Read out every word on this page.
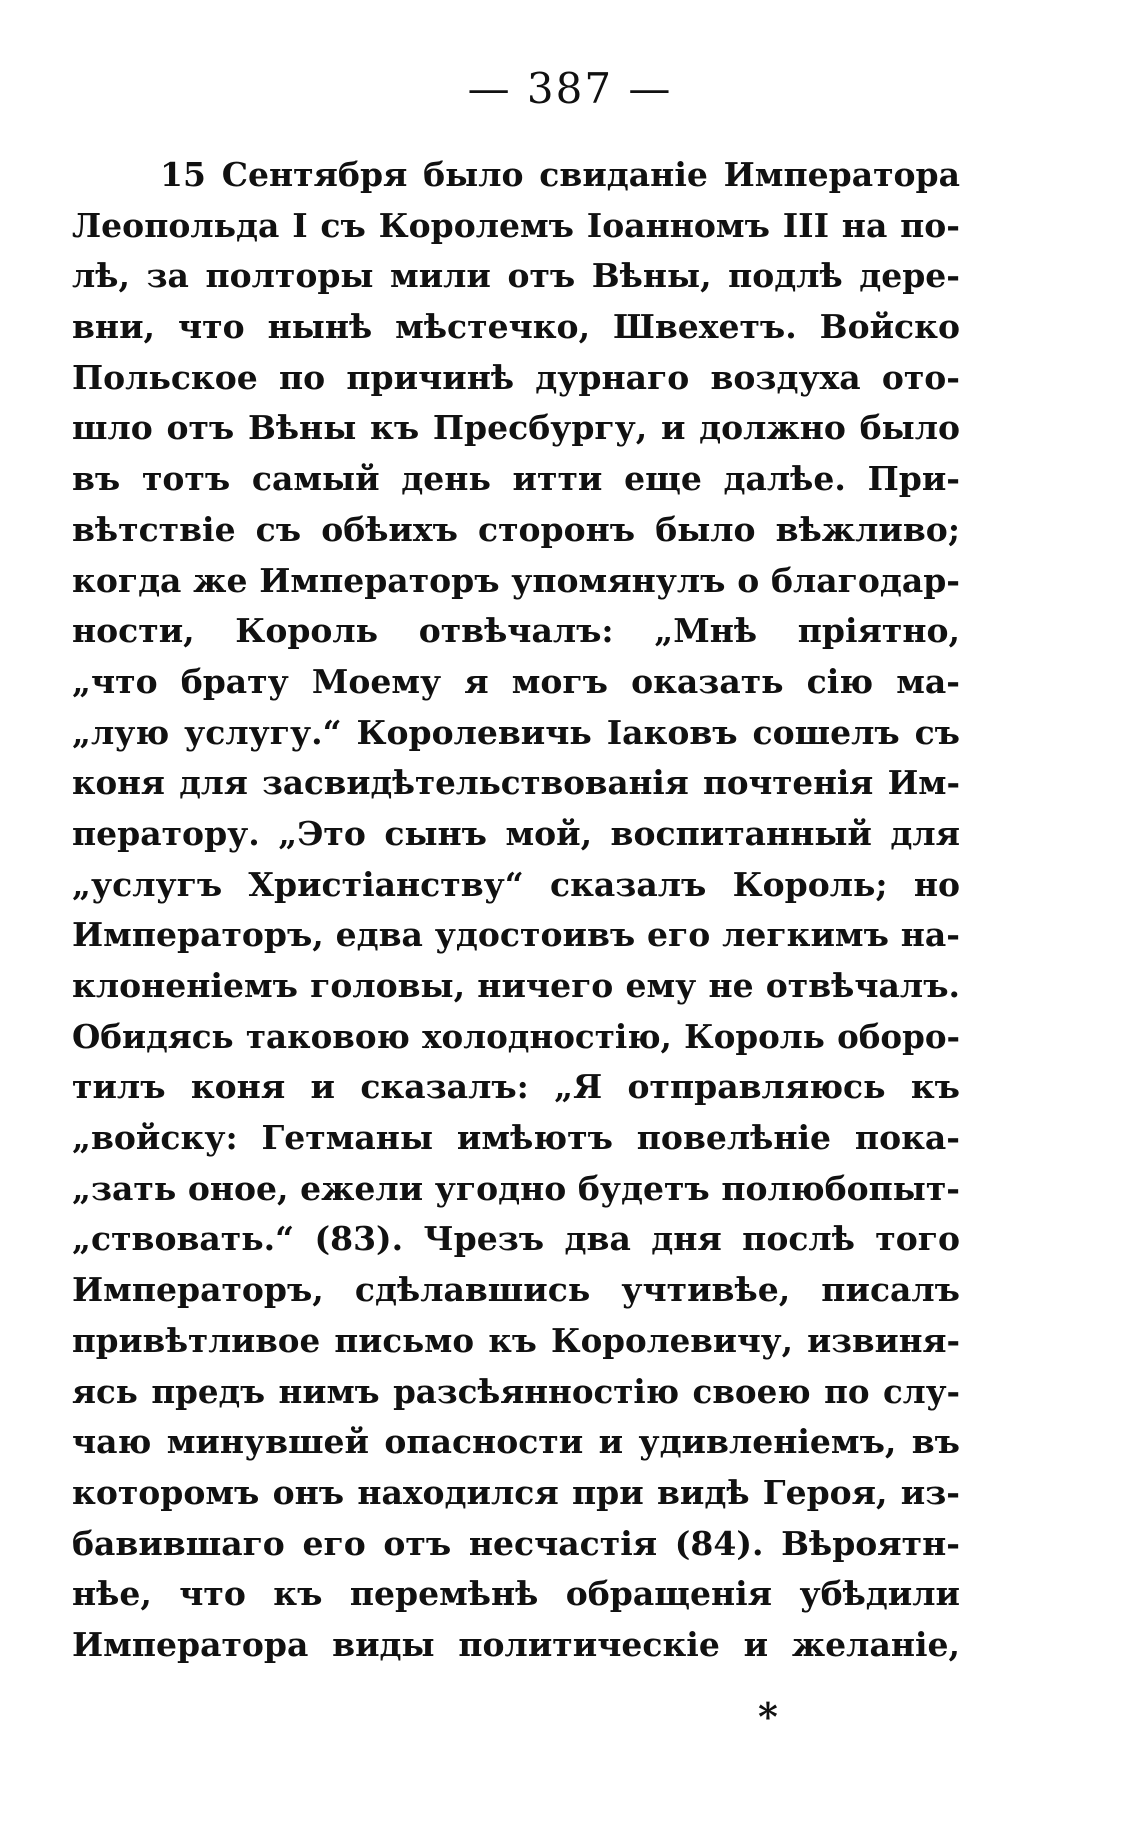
— 387 —
15 Сентября было свиданіе Императора
Леопольда I съ Королемъ Іоанномъ III на по-
лѣ, за полторы мили отъ Вѣны, подлѣ дере-
вни, что нынѣ мѣстечко, Швехетъ. Войско
Польское по причинѣ дурнаго воздуха ото-
шло отъ Вѣны къ Пресбургу, и должно было
въ тотъ самый день итти еще далѣе. При-
вѣтствіе съ обѣихъ сторонъ было вѣжливо;
когда же Императоръ упомянулъ о благодар-
ности, Король отвѣчалъ: „Мнѣ пріятно,
„что брату Моему я могъ оказать сію ма-
„лую услугу.“ Королевичь Іаковъ сошелъ съ
коня для засвидѣтельствованія почтенія Им-
ператору. „Это сынъ мой, воспитанный для
„услугъ Христіанству“ сказалъ Король; но
Императоръ, едва удостоивъ его легкимъ на-
клоненіемъ головы, ничего ему не отвѣчалъ.
Обидясь таковою холодностію, Король оборо-
тилъ коня и сказалъ: „Я отправляюсь къ
„войску: Гетманы имѣютъ повелѣніе пока-
„зать оное, ежели угодно будетъ полюбопыт-
„ствовать.“ (83). Чрезъ два дня послѣ того
Императоръ, сдѣлавшись учтивѣе, писалъ
привѣтливое письмо къ Королевичу, извиня-
ясь предъ нимъ разсѣянностію своею по слу-
чаю минувшей опасности и удивленіемъ, въ
которомъ онъ находился при видѣ Героя, из-
бавившаго его отъ несчастія (84). Вѣроятн-
нѣе, что къ перемѣнѣ обращенія убѣдили
Императора виды политическіе и желаніе,
*
